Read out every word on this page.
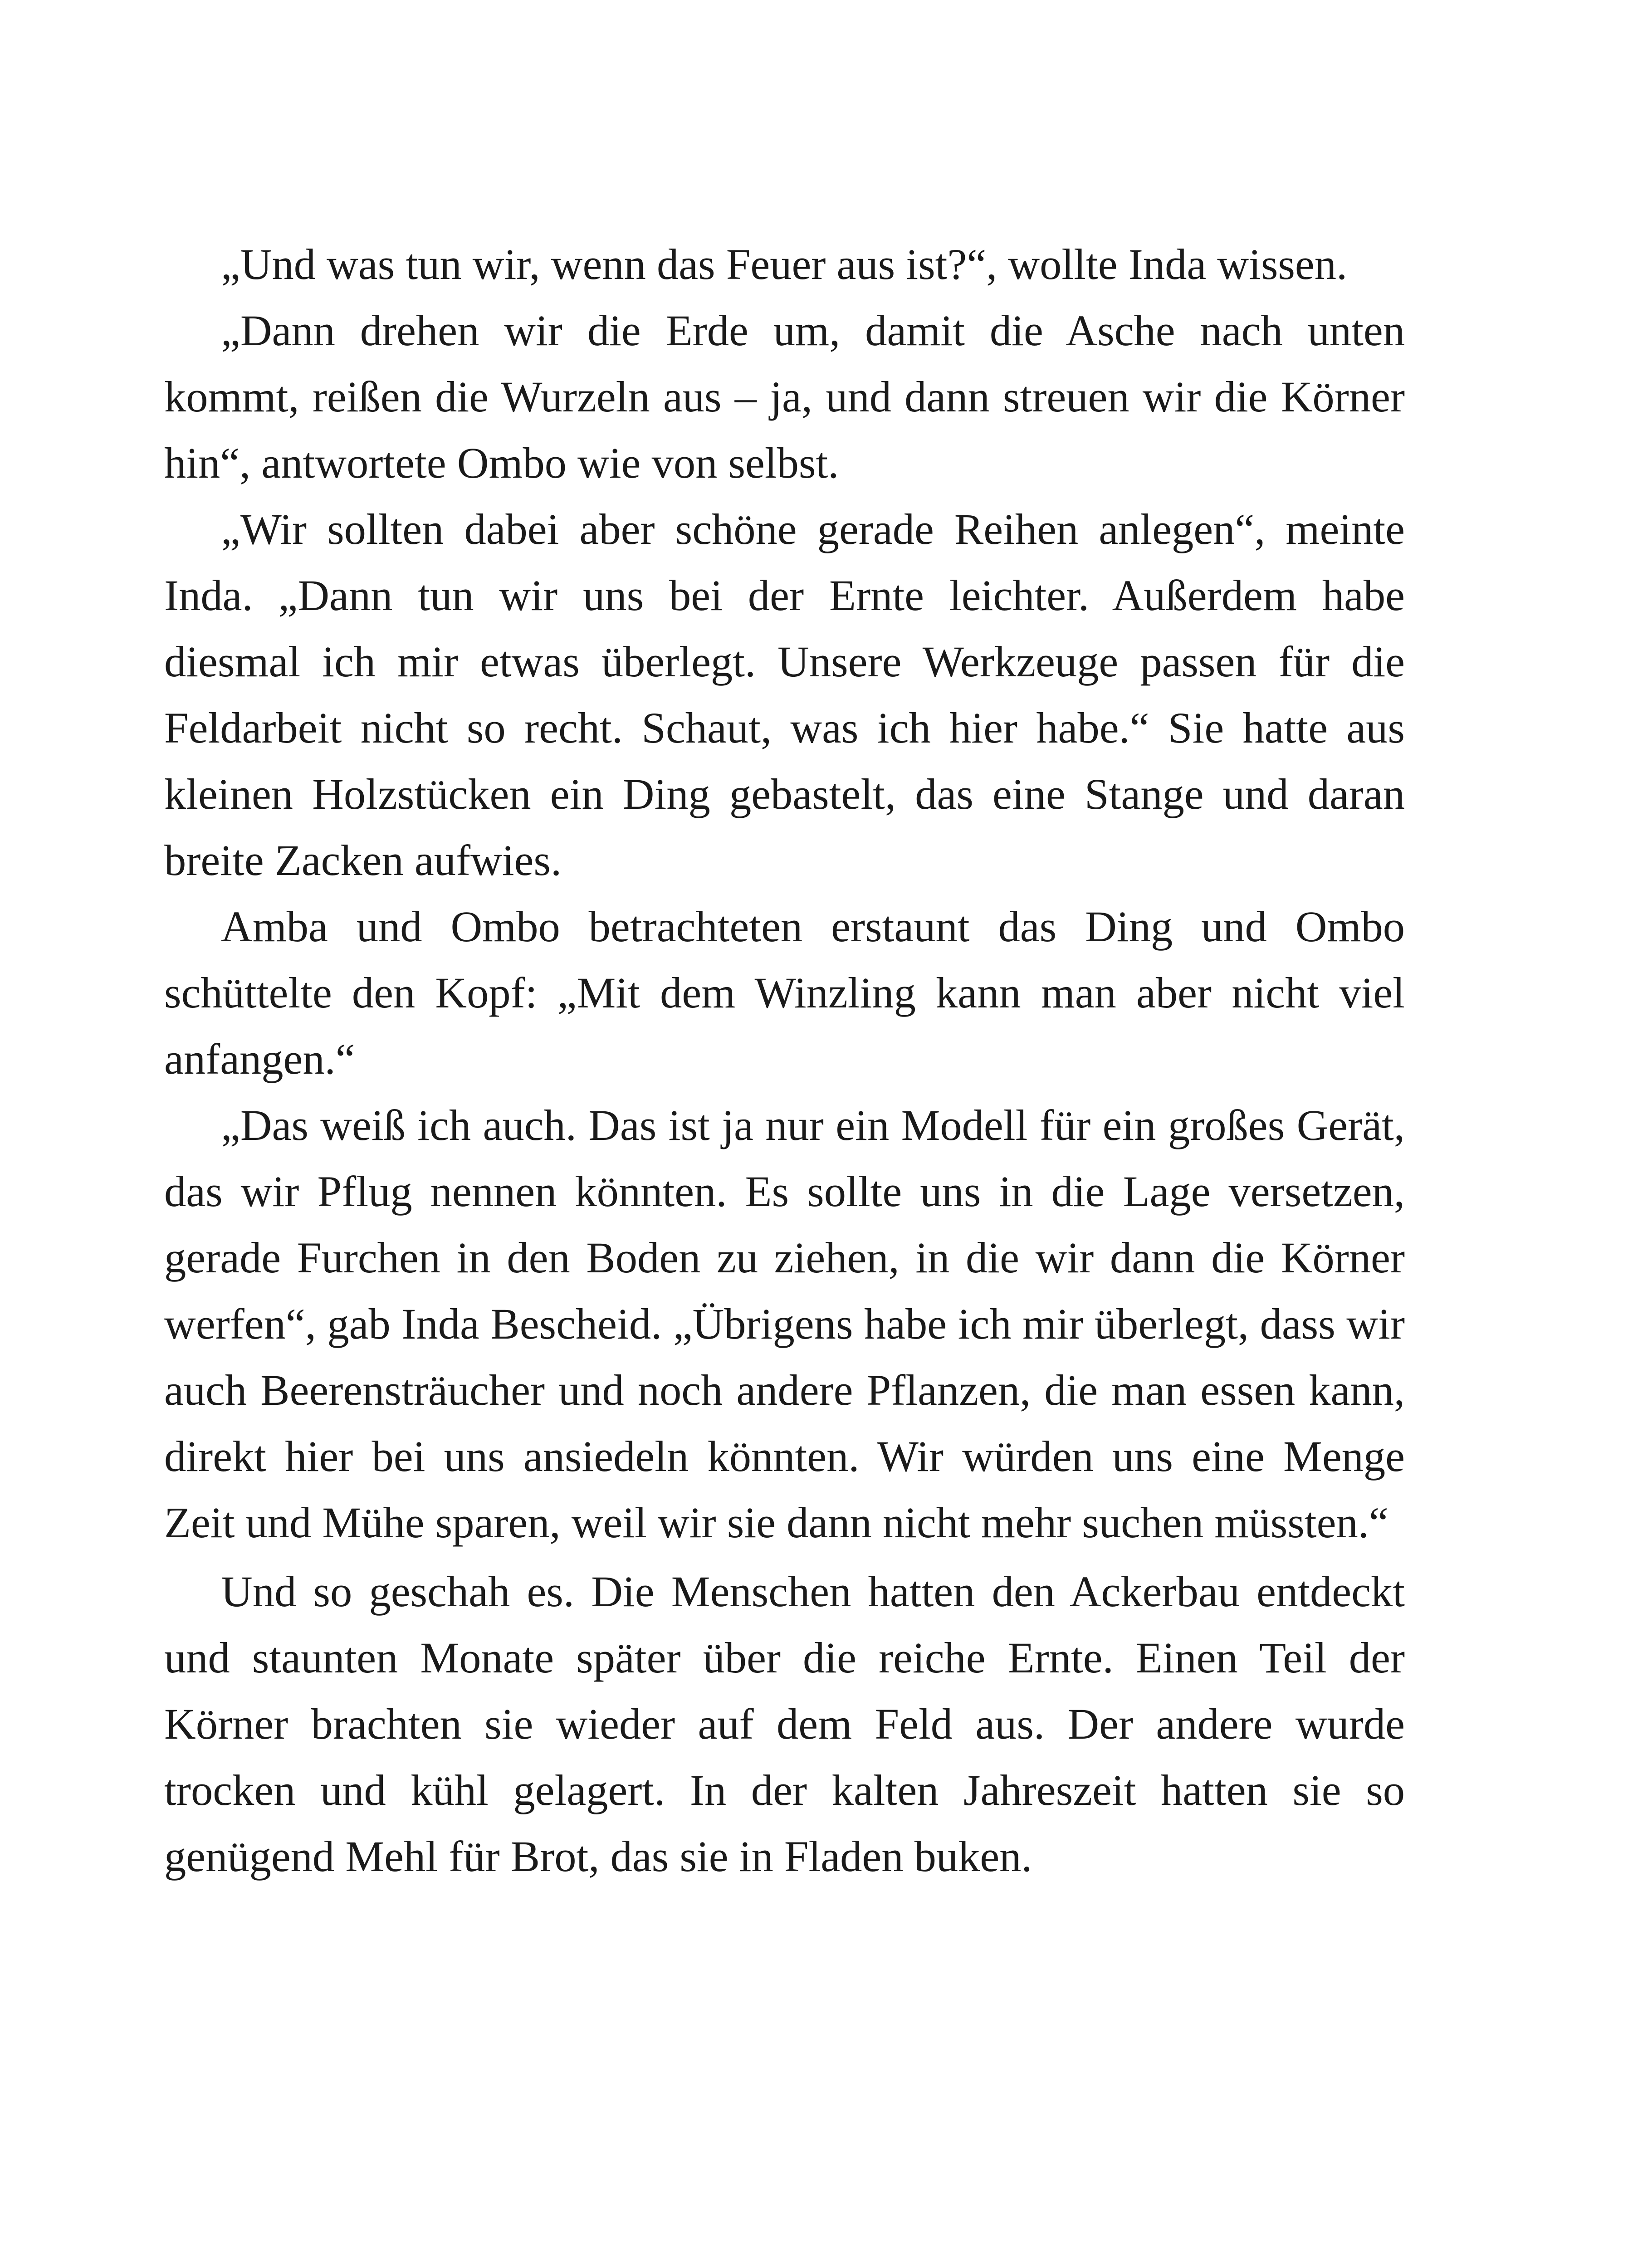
„Und was tun wir, wenn das Feuer aus ist?“, wollte Inda wissen.

„Dann drehen wir die Erde um, damit die Asche nach unten kommt, reißen die Wurzeln aus – ja, und dann streuen wir die Körner hin“, antwortete Ombo wie von selbst.

„Wir sollten dabei aber schöne gerade Reihen anlegen“, meinte Inda. „Dann tun wir uns bei der Ernte leichter. Außerdem habe diesmal ich mir etwas überlegt. Unsere Werkzeuge passen für die Feldarbeit nicht so recht. Schaut, was ich hier habe.“ Sie hatte aus kleinen Holzstücken ein Ding gebastelt, das eine Stange und daran breite Zacken aufwies.

Amba und Ombo betrachteten erstaunt das Ding und Ombo schüttelte den Kopf: „Mit dem Winzling kann man aber nicht viel anfangen.“

„Das weiß ich auch. Das ist ja nur ein Modell für ein großes Gerät, das wir Pflug nennen könnten. Es sollte uns in die Lage versetzen, gerade Furchen in den Boden zu ziehen, in die wir dann die Körner werfen“, gab Inda Bescheid. „Übrigens habe ich mir überlegt, dass wir auch Beerensträucher und noch andere Pflanzen, die man essen kann, direkt hier bei uns ansiedeln könnten. Wir würden uns eine Menge Zeit und Mühe sparen, weil wir sie dann nicht mehr suchen müssten.“

Und so geschah es. Die Menschen hatten den Ackerbau entdeckt und staunten Monate später über die reiche Ernte. Einen Teil der Körner brachten sie wieder auf dem Feld aus. Der andere wurde trocken und kühl gelagert. In der kalten Jahreszeit hatten sie so genügend Mehl für Brot, das sie in Fladen buken.
